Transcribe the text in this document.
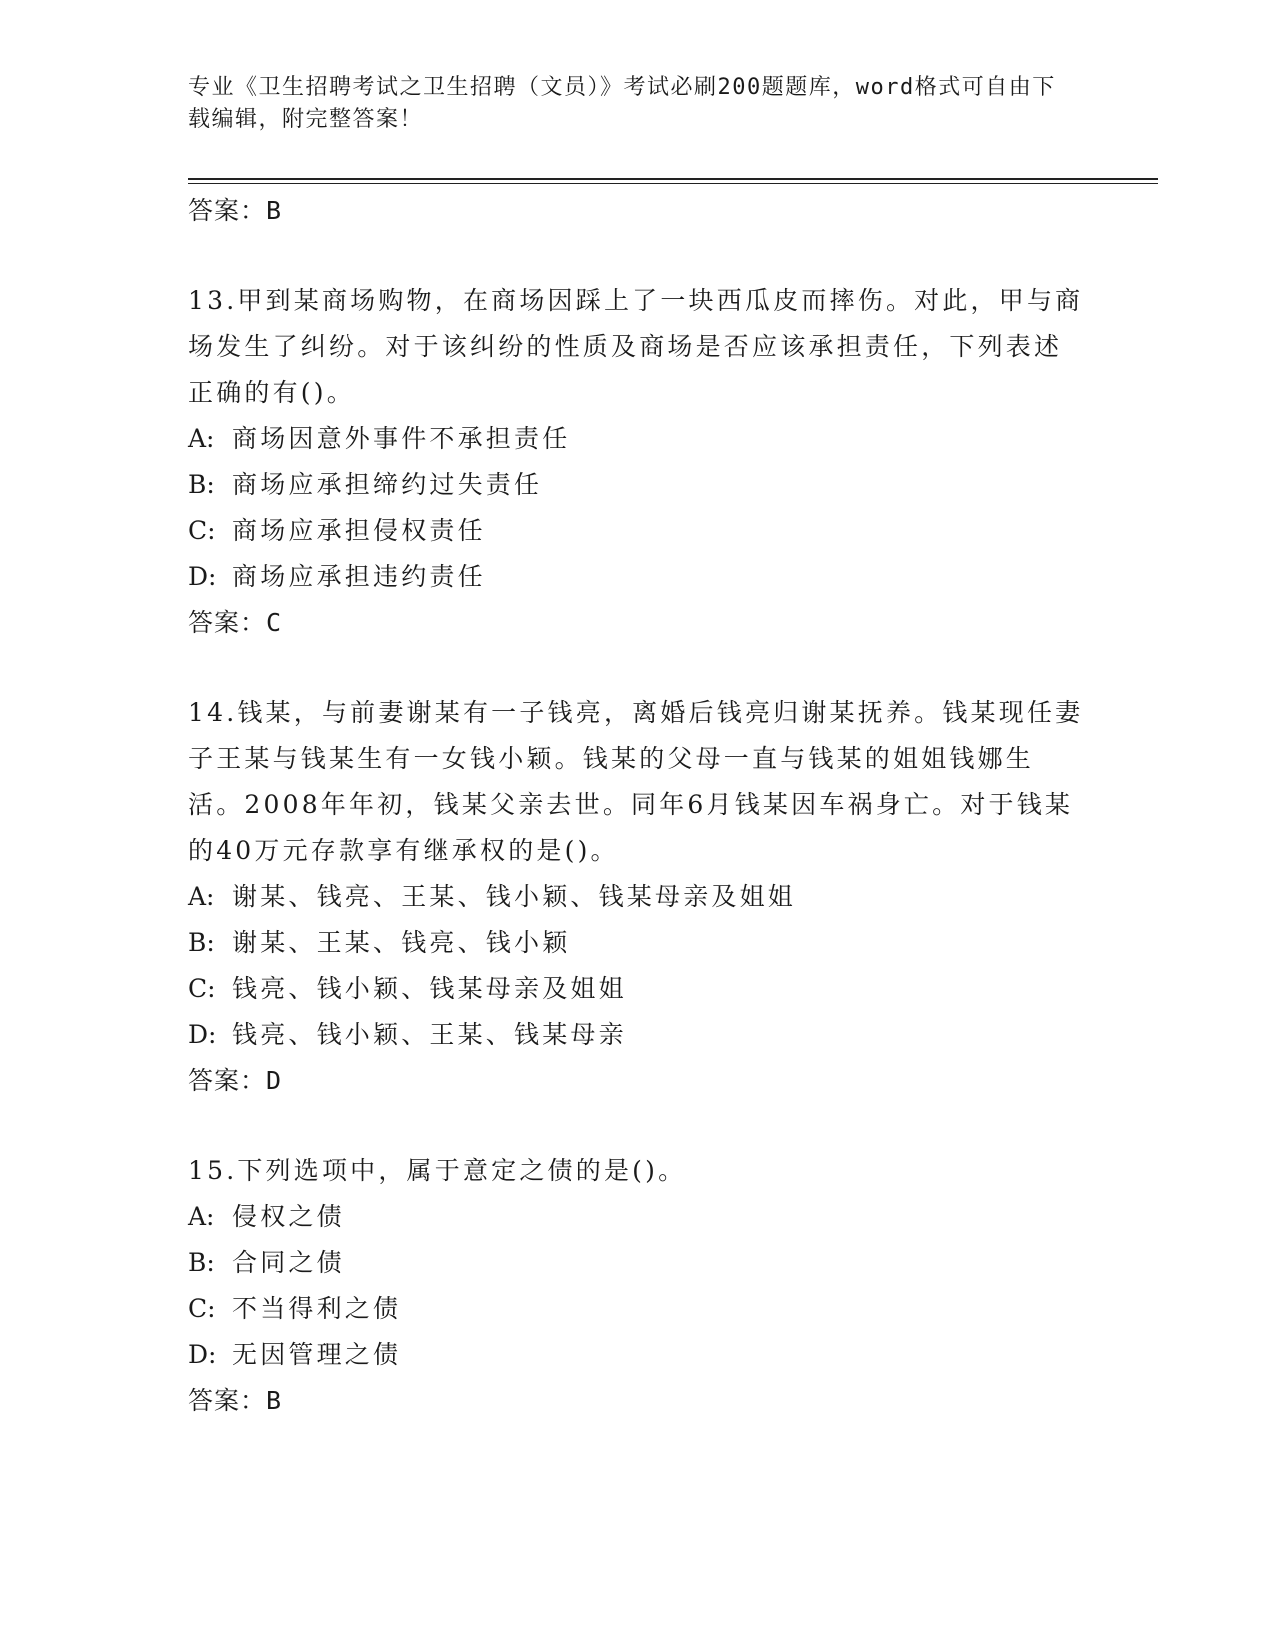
专业《卫生招聘考试之卫生招聘（文员）》考试必刷200题题库，word格式可自由下载编辑，附完整答案！
答案：B
13.甲到某商场购物，在商场因踩上了一块西瓜皮而摔伤。对此，甲与商场发生了纠纷。对于该纠纷的性质及商场是否应该承担责任，下列表述正确的有()。
A: 商场因意外事件不承担责任
B: 商场应承担缔约过失责任
C: 商场应承担侵权责任
D: 商场应承担违约责任
答案：C
14.钱某，与前妻谢某有一子钱亮，离婚后钱亮归谢某抚养。钱某现任妻子王某与钱某生有一女钱小颖。钱某的父母一直与钱某的姐姐钱娜生活。2008年年初，钱某父亲去世。同年6月钱某因车祸身亡。对于钱某的40万元存款享有继承权的是()。
A: 谢某、钱亮、王某、钱小颖、钱某母亲及姐姐
B: 谢某、王某、钱亮、钱小颖
C: 钱亮、钱小颖、钱某母亲及姐姐
D: 钱亮、钱小颖、王某、钱某母亲
答案：D
15.下列选项中，属于意定之债的是()。
A: 侵权之债
B: 合同之债
C: 不当得利之债
D: 无因管理之债
答案：B
